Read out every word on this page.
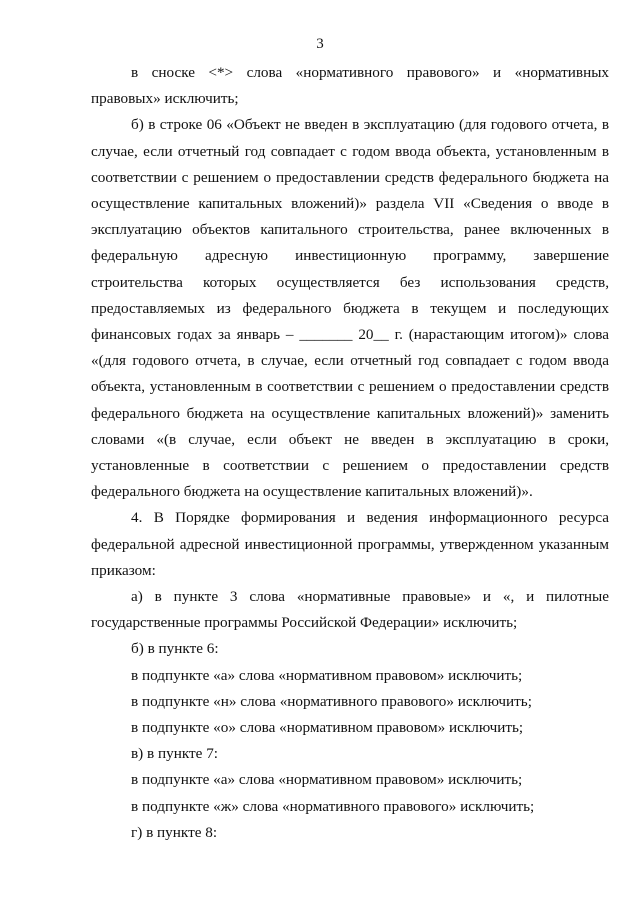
3

в сноске <*> слова «нормативного правового» и «нормативных правовых» исключить;

б) в строке 06 «Объект не введен в эксплуатацию (для годового отчета, в случае, если отчетный год совпадает с годом ввода объекта, установленным в соответствии с решением о предоставлении средств федерального бюджета на осуществление капитальных вложений)» раздела VII «Сведения о вводе в эксплуатацию объектов капитального строительства, ранее включенных в федеральную адресную инвестиционную программу, завершение строительства которых осуществляется без использования средств, предоставляемых из федерального бюджета в текущем и последующих финансовых годах за январь – _______ 20__ г. (нарастающим итогом)» слова «(для годового отчета, в случае, если отчетный год совпадает с годом ввода объекта, установленным в соответствии с решением о предоставлении средств федерального бюджета на осуществление капитальных вложений)» заменить словами «(в случае, если объект не введен в эксплуатацию в сроки, установленные в соответствии с решением о предоставлении средств федерального бюджета на осуществление капитальных вложений)».

4. В Порядке формирования и ведения информационного ресурса федеральной адресной инвестиционной программы, утвержденном указанным приказом:

а) в пункте 3 слова «нормативные правовые» и «, и пилотные государственные программы Российской Федерации» исключить;

б) в пункте 6:

в подпункте «а» слова «нормативном правовом» исключить;

в подпункте «н» слова «нормативного правового» исключить;

в подпункте «о» слова «нормативном правовом» исключить;

в) в пункте 7:

в подпункте «а» слова «нормативном правовом» исключить;

в подпункте «ж» слова «нормативного правового» исключить;

г) в пункте 8:
